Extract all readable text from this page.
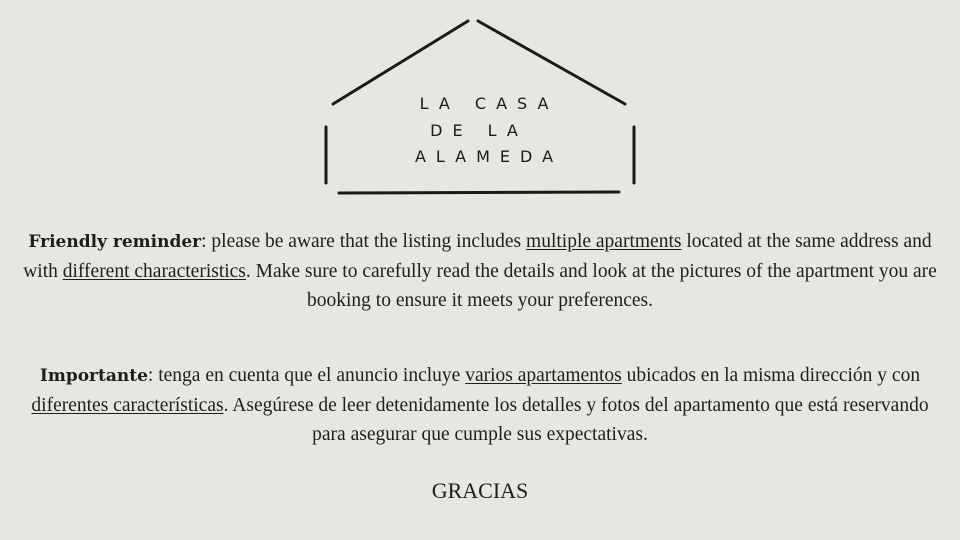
LA CASA
DE LA
ALAMEDA
Friendly reminder: please be aware that the listing includes multiple apartments located at the same address and with different characteristics. Make sure to carefully read the details and look at the pictures of the apartment you are booking to ensure it meets your preferences.
Importante: tenga en cuenta que el anuncio incluye varios apartamentos ubicados en la misma dirección y con diferentes características. Asegúrese de leer detenidamente los detalles y fotos del apartamento que está reservando para asegurar que cumple sus expectativas.
GRACIAS
